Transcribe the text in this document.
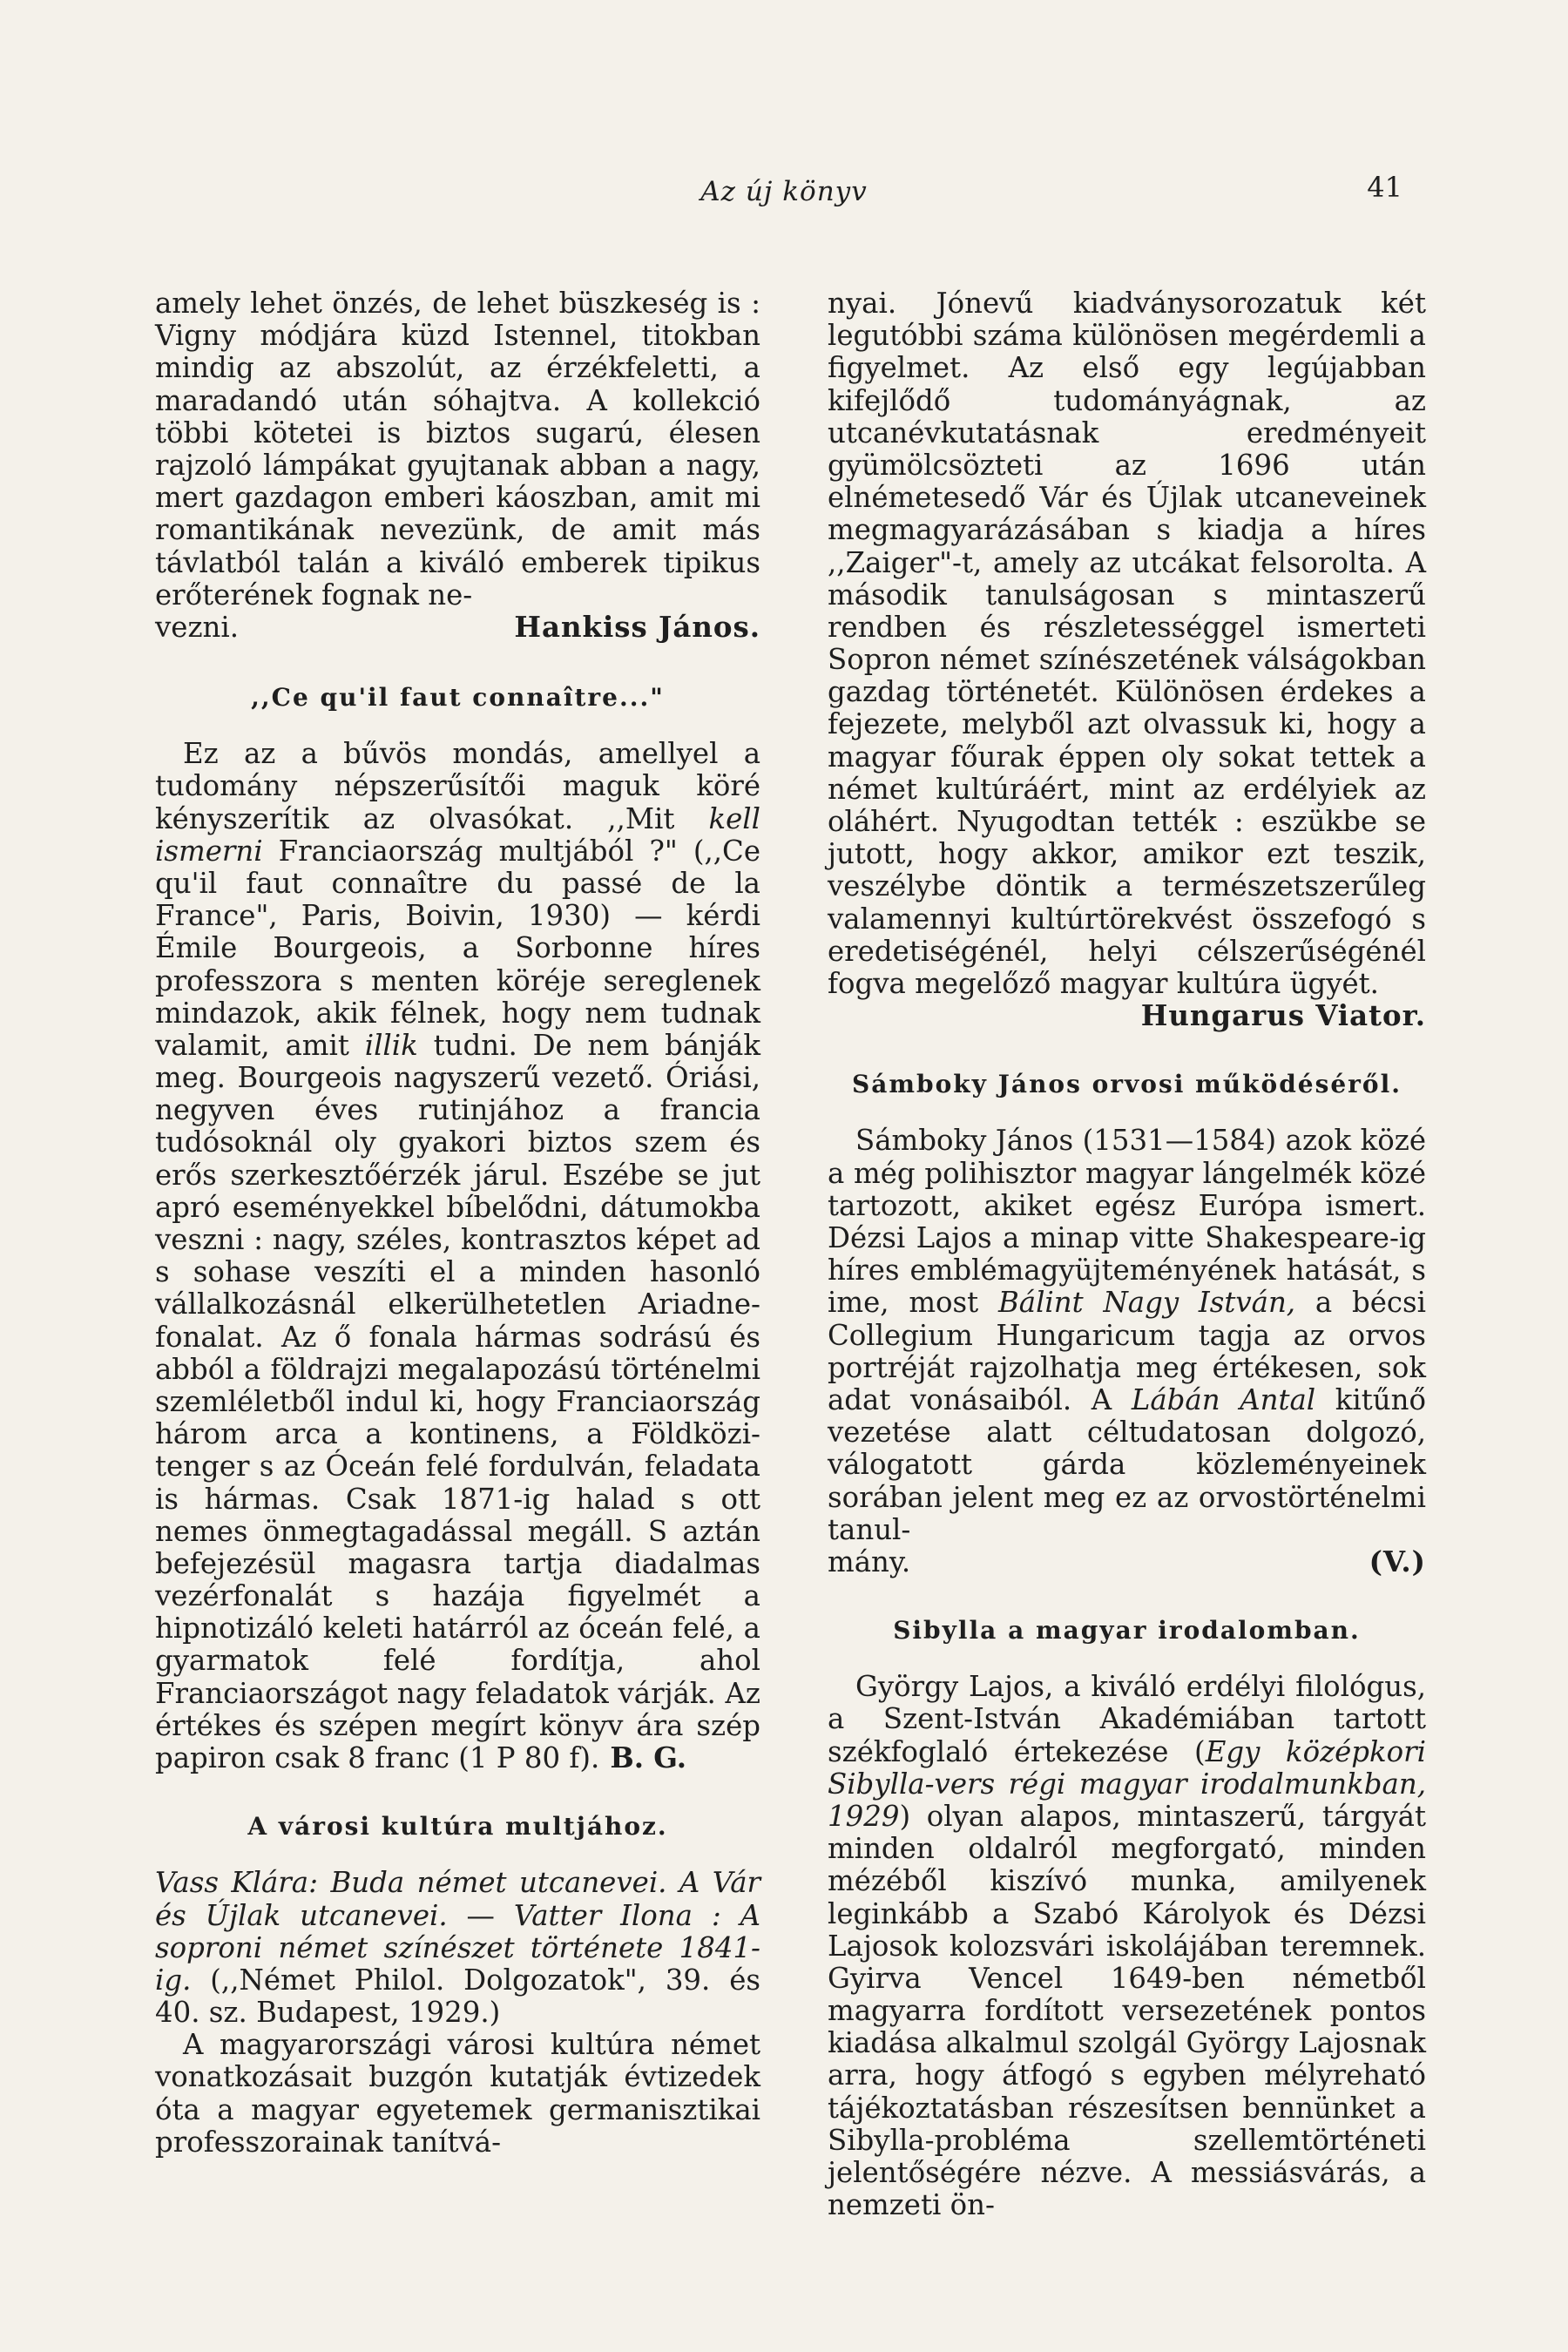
Az új könyv	41

amely lehet önzés, de lehet büszkeség is : Vigny módjára küzd Istennel, titokban mindig az abszolút, az érzékfeletti, a maradandó után sóhajtva. A kollekció többi kötetei is biztos sugarú, élesen rajzoló lámpákat gyujtanak abban a nagy, mert gazdagon emberi káoszban, amit mi romantikának nevezünk, de amit más távlatból talán a kiváló emberek tipikus erőterének fognak ne-

vezni.	Hankiss János.
,,Ce qu'il faut connaître..."

Ez az a bűvös mondás, amellyel a tudomány népszerűsítői maguk köré kényszerítik az olvasókat. ,,Mit kell ismerni Franciaország multjából ?" (,,Ce qu'il faut connaître du passé de la France", Paris, Boivin, 1930) — kérdi Émile Bourgeois, a Sorbonne híres professzora s menten köréje sereglenek mindazok, akik félnek, hogy nem tudnak valamit, amit illik tudni. De nem bánják meg. Bourgeois nagyszerű vezető. Óriási, negyven éves rutinjához a francia tudósoknál oly gyakori biztos szem és erős szerkesztőérzék járul. Eszébe se jut apró eseményekkel bíbelődni, dátumokba veszni : nagy, széles, kontrasztos képet ad s sohase veszíti el a minden hasonló vállalkozásnál elkerülhetetlen Ariadne-fonalat. Az ő fonala hármas sodrású és abból a földrajzi megalapozású történelmi szemléletből indul ki, hogy Franciaország három arca a kontinens, a Földközi-tenger s az Óceán felé fordulván, feladata is hármas. Csak 1871-ig halad s ott nemes önmegtagadással megáll. S aztán befejezésül magasra tartja diadalmas vezérfonalát s hazája figyelmét a hipnotizáló keleti határról az óceán felé, a gyarmatok felé fordítja, ahol Franciaországot nagy feladatok várják. Az értékes és szépen megírt könyv ára szép papiron csak 8 franc (1 P 80 f). B. G.

A városi kultúra multjához.

Vass Klára: Buda német utcanevei. A Vár és Újlak utcanevei. — Vatter Ilona : A soproni német színészet története 1841-ig. (,,Német Philol. Dolgozatok", 39. és 40. sz. Budapest, 1929.)

A magyarországi városi kultúra német vonatkozásait buzgón kutatják évtizedek óta a magyar egyetemek germanisztikai professzorainak tanítvá-

nyai. Jónevű kiadványsorozatuk két legutóbbi száma különösen megérdemli a figyelmet. Az első egy legújabban kifejlődő tudományágnak, az utcanévkutatásnak eredményeit gyümölcsözteti az 1696 után elnémetesedő Vár és Újlak utcaneveinek megmagyarázásában s kiadja a híres ,,Zaiger"-t, amely az utcákat felsorolta. A második tanulságosan s mintaszerű rendben és részletességgel ismerteti Sopron német színészetének válságokban gazdag történetét. Különösen érdekes a fejezete, melyből azt olvassuk ki, hogy a magyar főurak éppen oly sokat tettek a német kultúráért, mint az erdélyiek az oláhért. Nyugodtan tették : eszükbe se jutott, hogy akkor, amikor ezt teszik, veszélybe döntik a természetszerűleg valamennyi kultúrtörekvést összefogó s eredetiségénél, helyi célszerűségénél fogva megelőző magyar kultúra ügyét.

Hungarus Viator.

Sámboky János orvosi működéséről.

Sámboky János (1531—1584) azok közé a még polihisztor magyar lángelmék közé tartozott, akiket egész Európa ismert. Dézsi Lajos a minap vitte Shakespeare-ig híres emblémagyüjteményének hatását, s ime, most Bálint Nagy István, a bécsi Collegium Hungaricum tagja az orvos portréját rajzolhatja meg értékesen, sok adat vonásaiból. A Lábán Antal kitűnő vezetése alatt céltudatosan dolgozó, válogatott gárda közleményeinek sorában jelent meg ez az orvostörténelmi tanul-

mány.	(V.)
Sibylla a magyar irodalomban.

György Lajos, a kiváló erdélyi filológus, a Szent-István Akadémiában tartott székfoglaló értekezése (Egy középkori Sibylla-vers régi magyar irodalmunkban, 1929) olyan alapos, mintaszerű, tárgyát minden oldalról megforgató, minden mézéből kiszívó munka, amilyenek leginkább a Szabó Károlyok és Dézsi Lajosok kolozsvári iskolájában teremnek. Gyirva Vencel 1649-ben németből magyarra fordított versezetének pontos kiadása alkalmul szolgál György Lajosnak arra, hogy átfogó s egyben mélyreható tájékoztatásban részesítsen bennünket a Sibylla-probléma szellemtörténeti jelentőségére nézve. A messiásvárás, a nemzeti ön-
